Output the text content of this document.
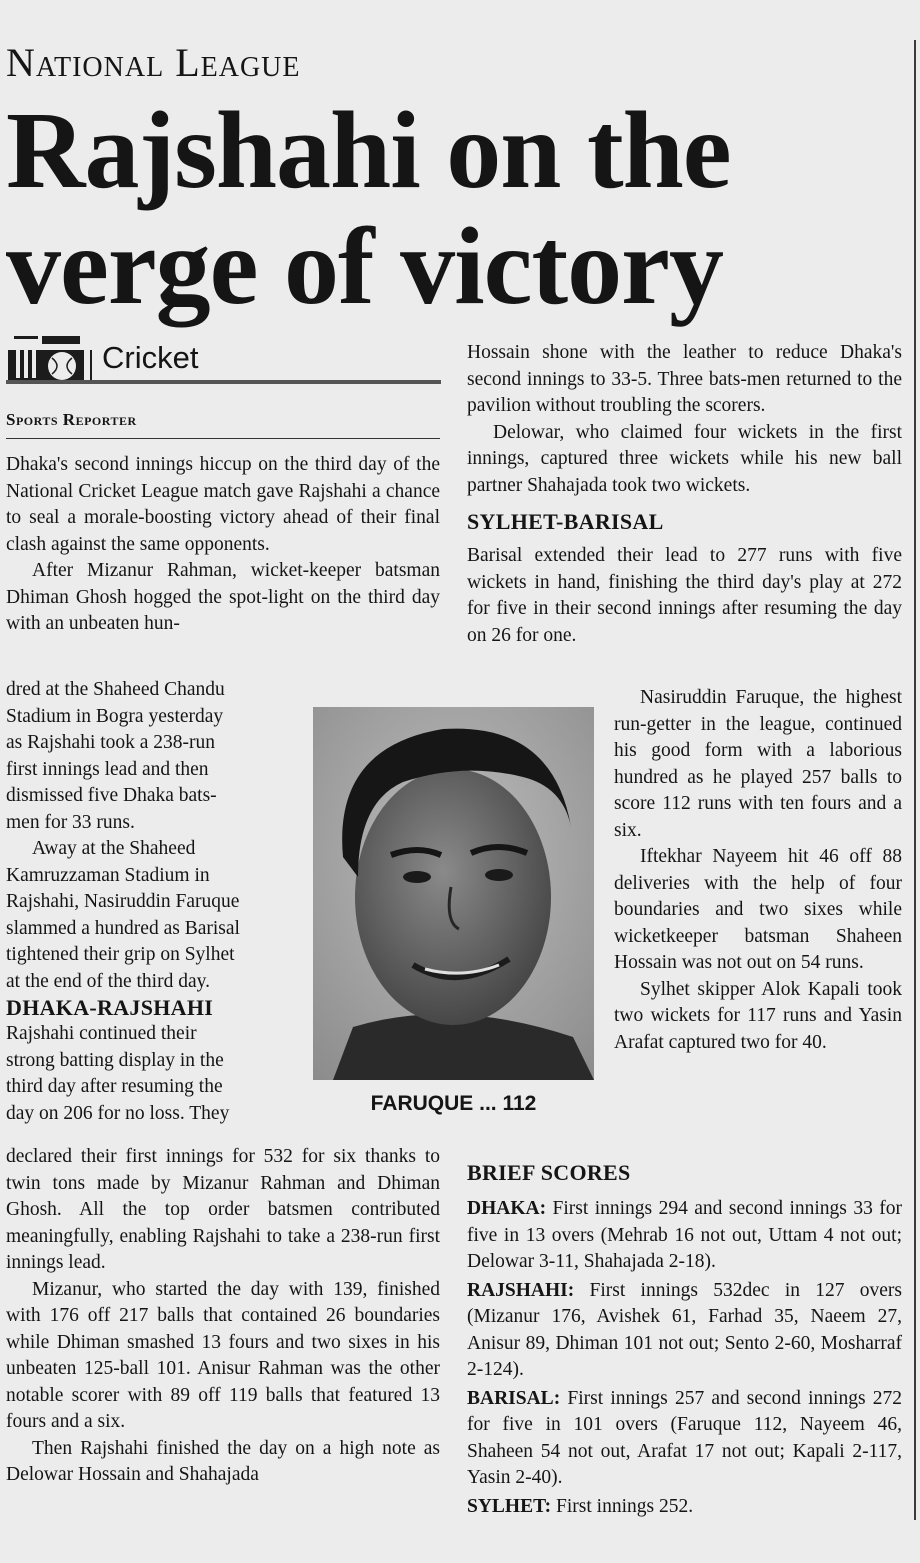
National League
Rajshahi on the verge of victory
Cricket
Sports Reporter

Dhaka's second innings hiccup on the third day of the National Cricket League match gave Rajshahi a chance to seal a morale-boosting victory ahead of their final clash against the same opponents.

After Mizanur Rahman, wicket-keeper batsman Dhiman Ghosh hogged the spot-light on the third day with an unbeaten hun-

dred at the Shaheed Chandu
Stadium in Bogra yesterday
as Rajshahi took a 238-run
first innings lead and then
dismissed five Dhaka bats-
men for 33 runs.
Away at the Shaheed
Kamruzzaman Stadium in
Rajshahi, Nasiruddin Faruque
slammed a hundred as Barisal
tightened their grip on Sylhet
at the end of the third day.
DHAKA-RAJSHAHI
Rajshahi continued their
strong batting display in the
third day after resuming the
day on 206 for no loss. They

declared their first innings for 532 for six thanks to twin tons made by Mizanur Rahman and Dhiman Ghosh. All the top order batsmen contributed meaningfully, enabling Rajshahi to take a 238-run first innings lead.

Mizanur, who started the day with 139, finished with 176 off 217 balls that contained 26 boundaries while Dhiman smashed 13 fours and two sixes in his unbeaten 125-ball 101. Anisur Rahman was the other notable scorer with 89 off 119 balls that featured 13 fours and a six.

Then Rajshahi finished the day on a high note as Delowar Hossain and Shahajada

FARUQUE ... 112

Hossain shone with the leather to reduce Dhaka's second innings to 33-5. Three bats-men returned to the pavilion without troubling the scorers.

Delowar, who claimed four wickets in the first innings, captured three wickets while his new ball partner Shahajada took two wickets.

SYLHET-BARISAL

Barisal extended their lead to 277 runs with five wickets in hand, finishing the third day's play at 272 for five in their second innings after resuming the day on 26 for one.

Nasiruddin Faruque, the highest run-getter in the league, continued his good form with a laborious hundred as he played 257 balls to score 112 runs with ten fours and a six.

Iftekhar Nayeem hit 46 off 88 deliveries with the help of four boundaries and two sixes while wicketkeeper batsman Shaheen Hossain was not out on 54 runs.

Sylhet skipper Alok Kapali took two wickets for 117 runs and Yasin Arafat captured two for 40.

BRIEF SCORES

DHAKA: First innings 294 and second innings 33 for five in 13 overs (Mehrab 16 not out, Uttam 4 not out; Delowar 3-11, Shahajada 2-18).

RAJSHAHI: First innings 532dec in 127 overs (Mizanur 176, Avishek 61, Farhad 35, Naeem 27, Anisur 89, Dhiman 101 not out; Sento 2-60, Mosharraf 2-124).

BARISAL: First innings 257 and second innings 272 for five in 101 overs (Faruque 112, Nayeem 46, Shaheen 54 not out, Arafat 17 not out; Kapali 2-117, Yasin 2-40).

SYLHET: First innings 252.
